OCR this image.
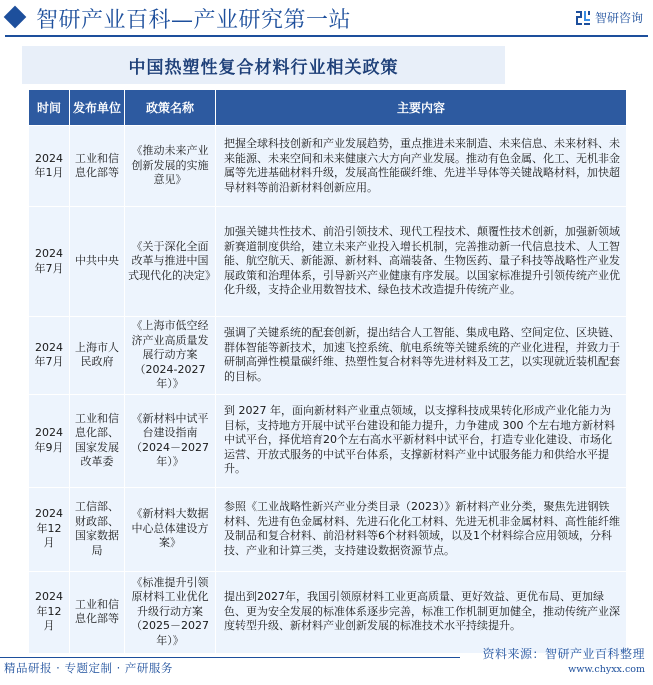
智研产业百科—产业研究第一站	智研咨询
中国热塑性复合材料行业相关政策
时间	发布单位	政策名称	主要内容
2024年1月	工业和信息化部等	《推动未来产业创新发展的实施意见》	把握全球科技创新和产业发展趋势，重点推进未来制造、未来信息、未来材料、未来能源、未来空间和未来健康六大方向产业发展。推动有色金属、化工、无机非金属等先进基础材料升级，发展高性能碳纤维、先进半导体等关键战略材料，加快超导材料等前沿新材料创新应用。
2024年7月	中共中央	《关于深化全面改革与推进中国式现代化的决定》	加强关键共性技术、前沿引领技术、现代工程技术、颠覆性技术创新，加强新领域新赛道制度供给，建立未来产业投入增长机制，完善推动新一代信息技术、人工智能、航空航天、新能源、新材料、高端装备、生物医药、量子科技等战略性产业发展政策和治理体系，引导新兴产业健康有序发展。以国家标准提升引领传统产业优化升级，支持企业用数智技术、绿色技术改造提升传统产业。
2024年7月	上海市人民政府	《上海市低空经济产业高质量发展行动方案（2024-2027年）》	强调了关键系统的配套创新，提出结合人工智能、集成电路、空间定位、区块链、群体智能等新技术，加速飞控系统、航电系统等关键系统的产业化进程，并致力于研制高弹性模量碳纤维、热塑性复合材料等先进材料及工艺，以实现就近装机配套的目标。
2024年9月	工业和信息化部、国家发展改革委	《新材料中试平台建设指南（2024－2027年）》	到 2027 年，面向新材料产业重点领域，以支撑科技成果转化形成产业化能力为目标，支持地方开展中试平台建设和能力提升，力争建成 300 个左右地方新材料中试平台，择优培育20个左右高水平新材料中试平台，打造专业化建设、市场化运营、开放式服务的中试平台体系，支撑新材料产业中试服务能力和供给水平提升。
2024年12月	工信部、财政部、国家数据局	《新材料大数据中心总体建设方案》	参照《工业战略性新兴产业分类目录（2023）》新材料产业分类，聚焦先进钢铁材料、先进有色金属材料、先进石化化工材料、先进无机非金属材料、高性能纤维及制品和复合材料、前沿材料等6个材料领域，以及1个材料综合应用领域，分科技、产业和计算三类，支持建设数据资源节点。
2024年12月	工业和信息化部等	《标准提升引领原材料工业优化升级行动方案（2025－2027年）》	提出到2027年，我国引领原材料工业更高质量、更好效益、更优布局、更加绿色、更为安全发展的标准体系逐步完善，标准工作机制更加健全，推动传统产业深度转型升级、新材料产业创新发展的标准技术水平持续提升。
精品研报 · 专题定制 · 产研服务
资料来源：智研产业百科整理
www.chyxx.com
